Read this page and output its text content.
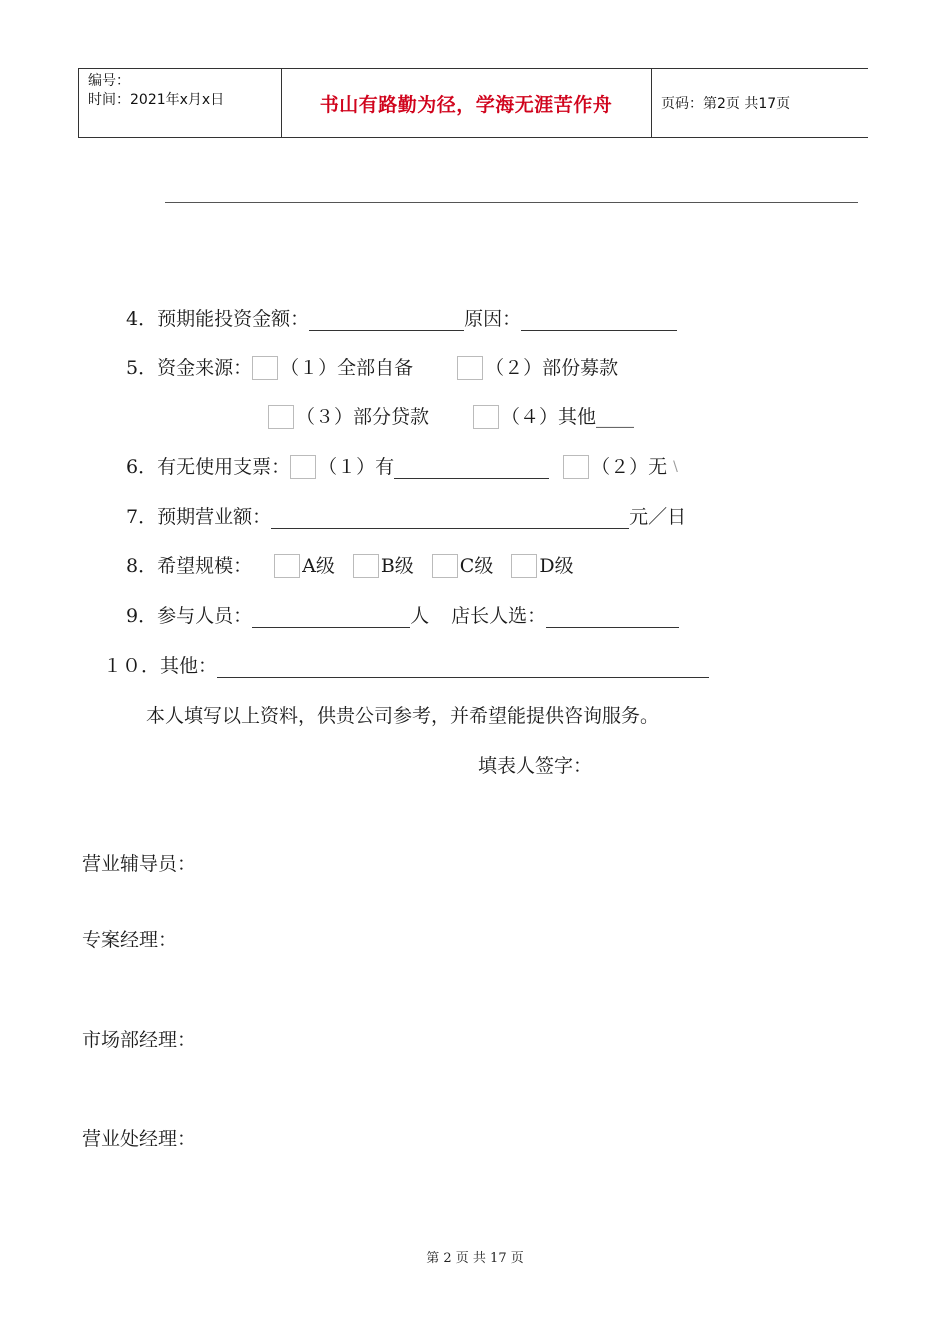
编号：
时间：2021年x月x日	书山有路勤为径，学海无涯苦作舟	页码：第2页 共17页
4．预期能投资金额：	原因：
5．资金来源： （１）全部自备	（２）部份募款
（３）部分贷款	（４）其他____
6．有无使用支票： （１）有	（２）无 \
7．预期营业额：	元／日
8．希望规模：	A级 B级 C级 D级
9．参与人员：	人 店长人选：
１０．其他：
本人填写以上资料，供贵公司参考，并希望能提供咨询服务。
填表人签字：
营业辅导员：
专案经理：
市场部经理：
营业处经理：
第 2 页 共 17 页
